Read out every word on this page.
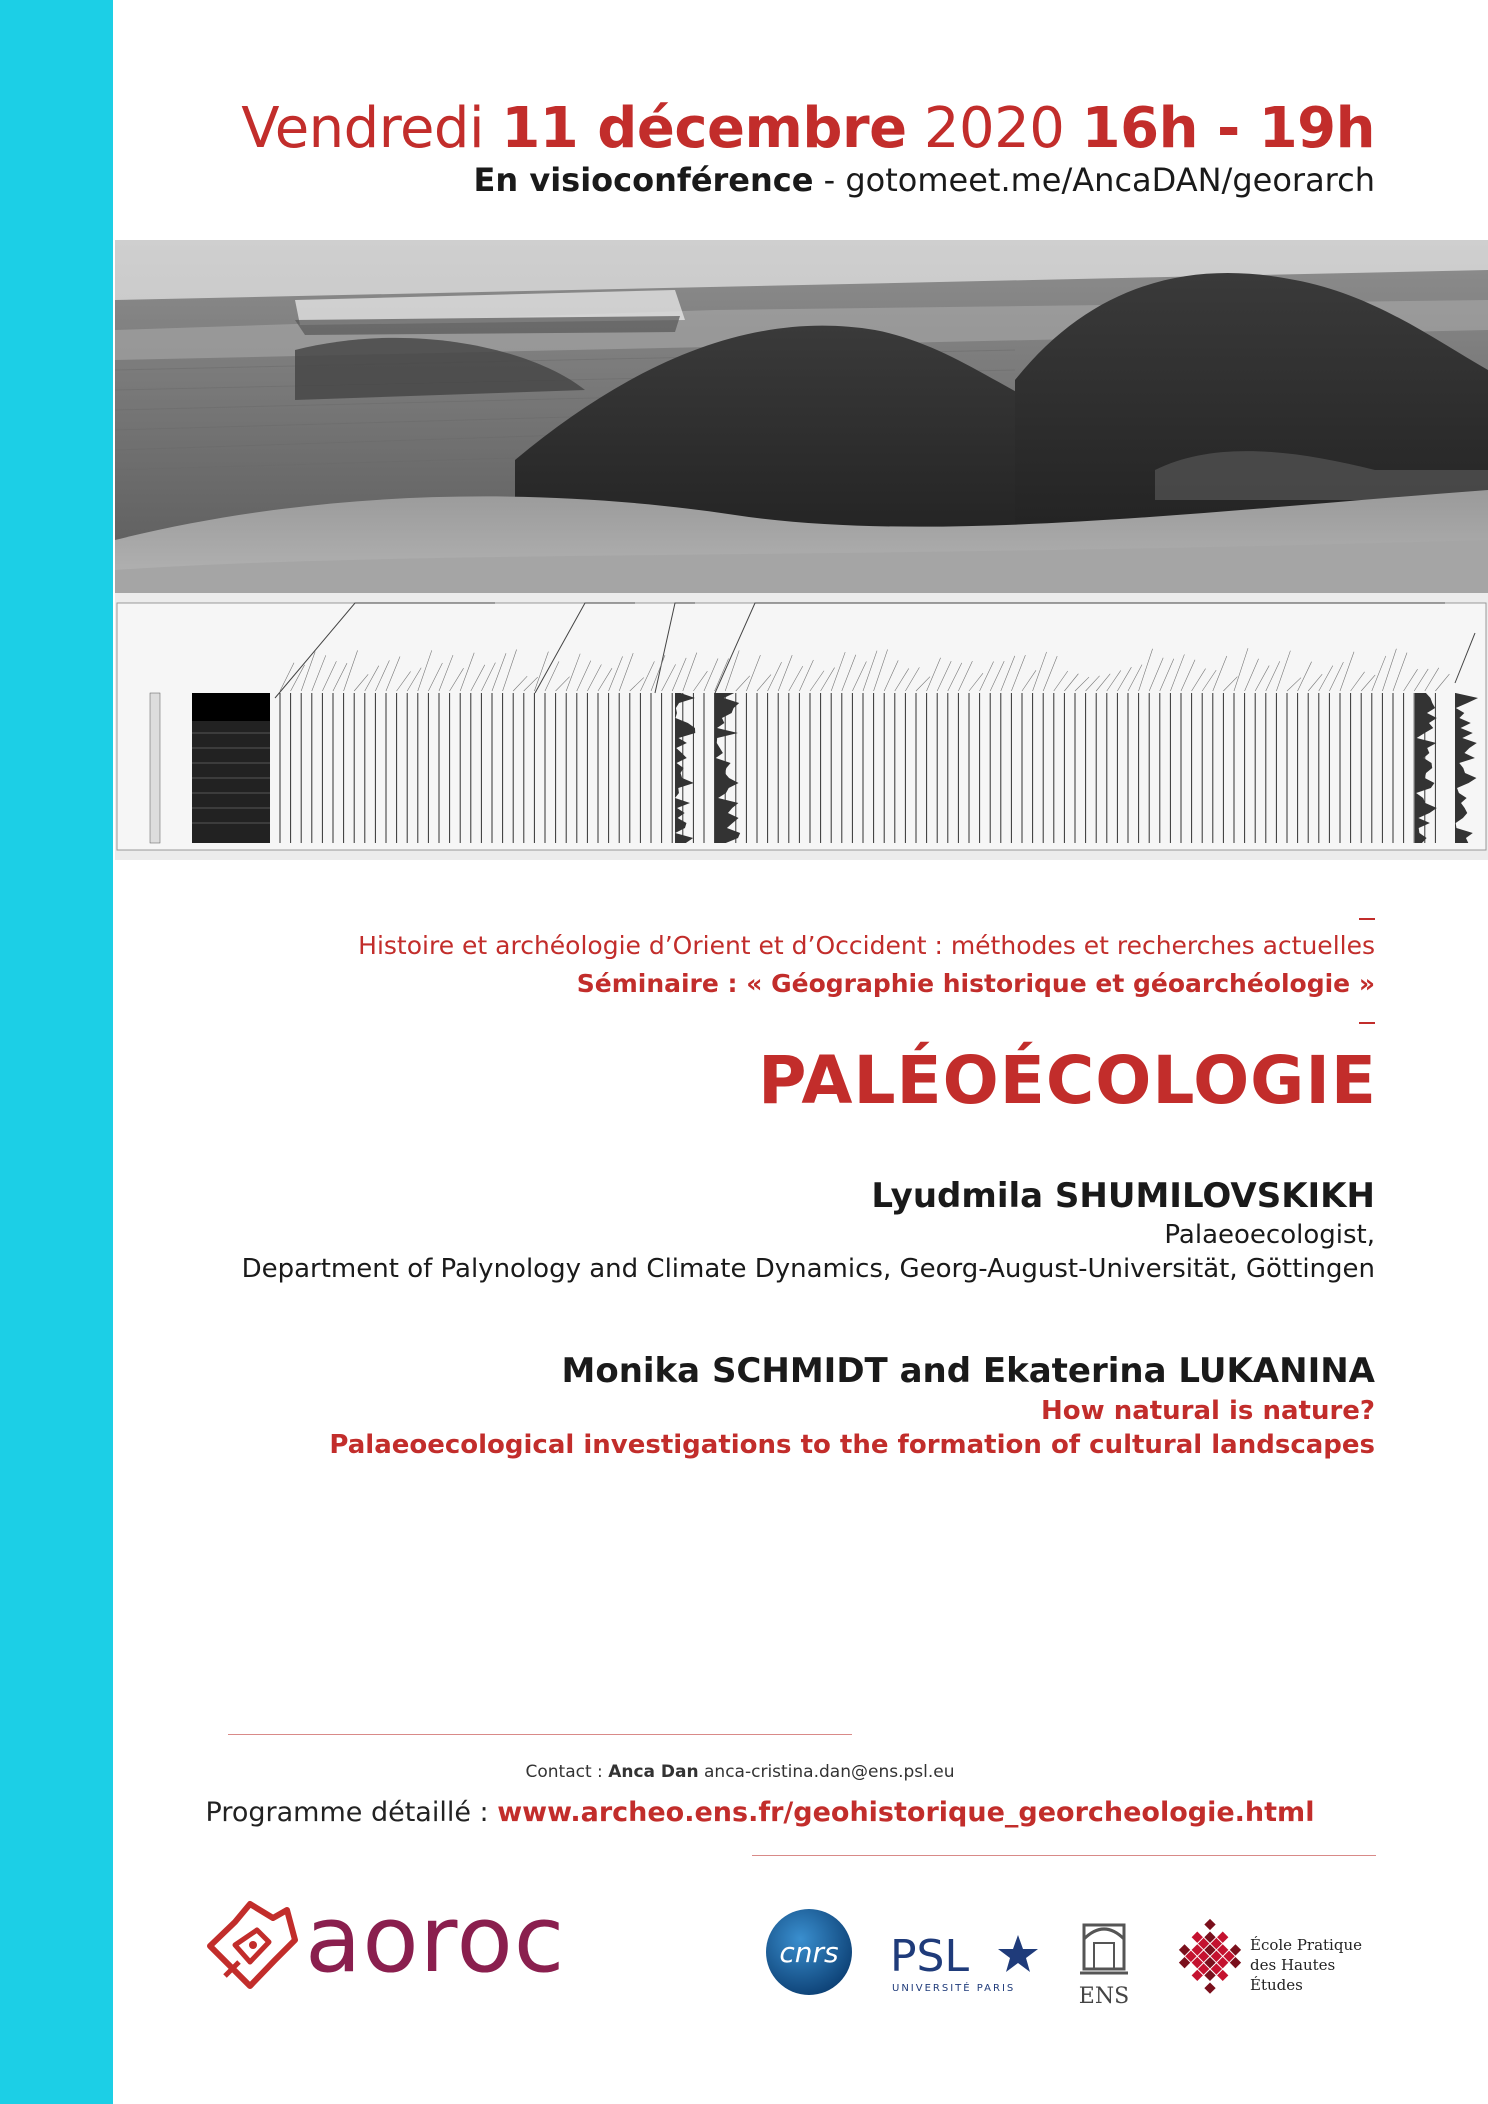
Vendredi 11 décembre 2020 16h - 19h
En visioconférence - gotomeet.me/AncaDAN/georarch
Histoire et archéologie d’Orient et d’Occident : méthodes et recherches actuelles
Séminaire : « Géographie historique et géoarchéologie »
PALÉOÉCOLOGIE
Lyudmila SHUMILOVSKIKH
Palaeoecologist,
Department of Palynology and Climate Dynamics, Georg-August-Universität, Göttingen
Monika SCHMIDT and Ekaterina LUKANINA
How natural is nature?
Palaeoecological investigations to the formation of cultural landscapes
Contact : Anca Dan anca-cristina.dan@ens.psl.eu
Programme détaillé : www.archeo.ens.fr/geohistorique_georcheologie.html
aoroc	cnrs PSL
UNIVERSITÉ PARIS	ENS
École Pratique
des Hautes Études
